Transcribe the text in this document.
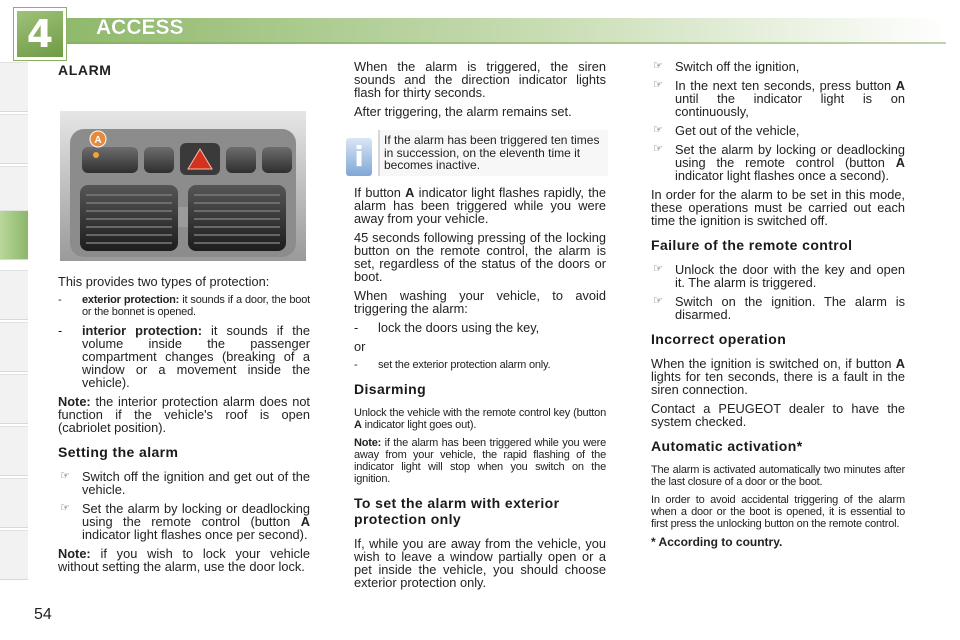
4 ACCESS
ALARM
A

This provides two types of protection:

- exterior protection: it sounds if a door, the boot or the bonnet is opened.
- interior protection: it sounds if the volume inside the passenger compartment changes (breaking of a window or a movement inside the vehicle).

Note: the interior protection alarm does not function if the vehicle's roof is open (cabriolet position).

Setting the alarm
☞ Switch off the ignition and get out of the vehicle.
☞ Set the alarm by locking or deadlocking using the remote control (button A indicator light flashes once per second).

Note: if you wish to lock your vehicle without setting the alarm, use the door lock.

When the alarm is triggered, the siren sounds and the direction indicator lights flash for thirty seconds.

After triggering, the alarm remains set.

i	If the alarm has been triggered ten times in succession, on the eleventh time it becomes inactive.

If button A indicator light flashes rapidly, the alarm has been triggered while you were away from your vehicle.

45 seconds following pressing of the locking button on the remote control, the alarm is set, regardless of the status of the doors or boot.

When washing your vehicle, to avoid triggering the alarm:

- lock the doors using the key,

or

- set the exterior protection alarm only.
Disarming

Unlock the vehicle with the remote control key (button A indicator light goes out).

Note: if the alarm has been triggered while you were away from your vehicle, the rapid flashing of the indicator light will stop when you switch on the ignition.

To set the alarm with exterior protection only

If, while you are away from the vehicle, you wish to leave a window partially open or a pet inside the vehicle, you should choose exterior protection only.

☞ Switch off the ignition,
☞ In the next ten seconds, press button A until the indicator light is on continuously,
☞ Get out of the vehicle,
☞ Set the alarm by locking or deadlocking using the remote control (button A indicator light flashes once a second).

In order for the alarm to be set in this mode, these operations must be carried out each time the ignition is switched off.

Failure of the remote control
☞ Unlock the door with the key and open it. The alarm is triggered.
☞ Switch on the ignition. The alarm is disarmed.
Incorrect operation

When the ignition is switched on, if button A lights for ten seconds, there is a fault in the siren connection.

Contact a PEUGEOT dealer to have the system checked.

Automatic activation*

The alarm is activated automatically two minutes after the last closure of a door or the boot.

In order to avoid accidental triggering of the alarm when a door or the boot is opened, it is essential to first press the unlocking button on the remote control.

* According to country.
54
